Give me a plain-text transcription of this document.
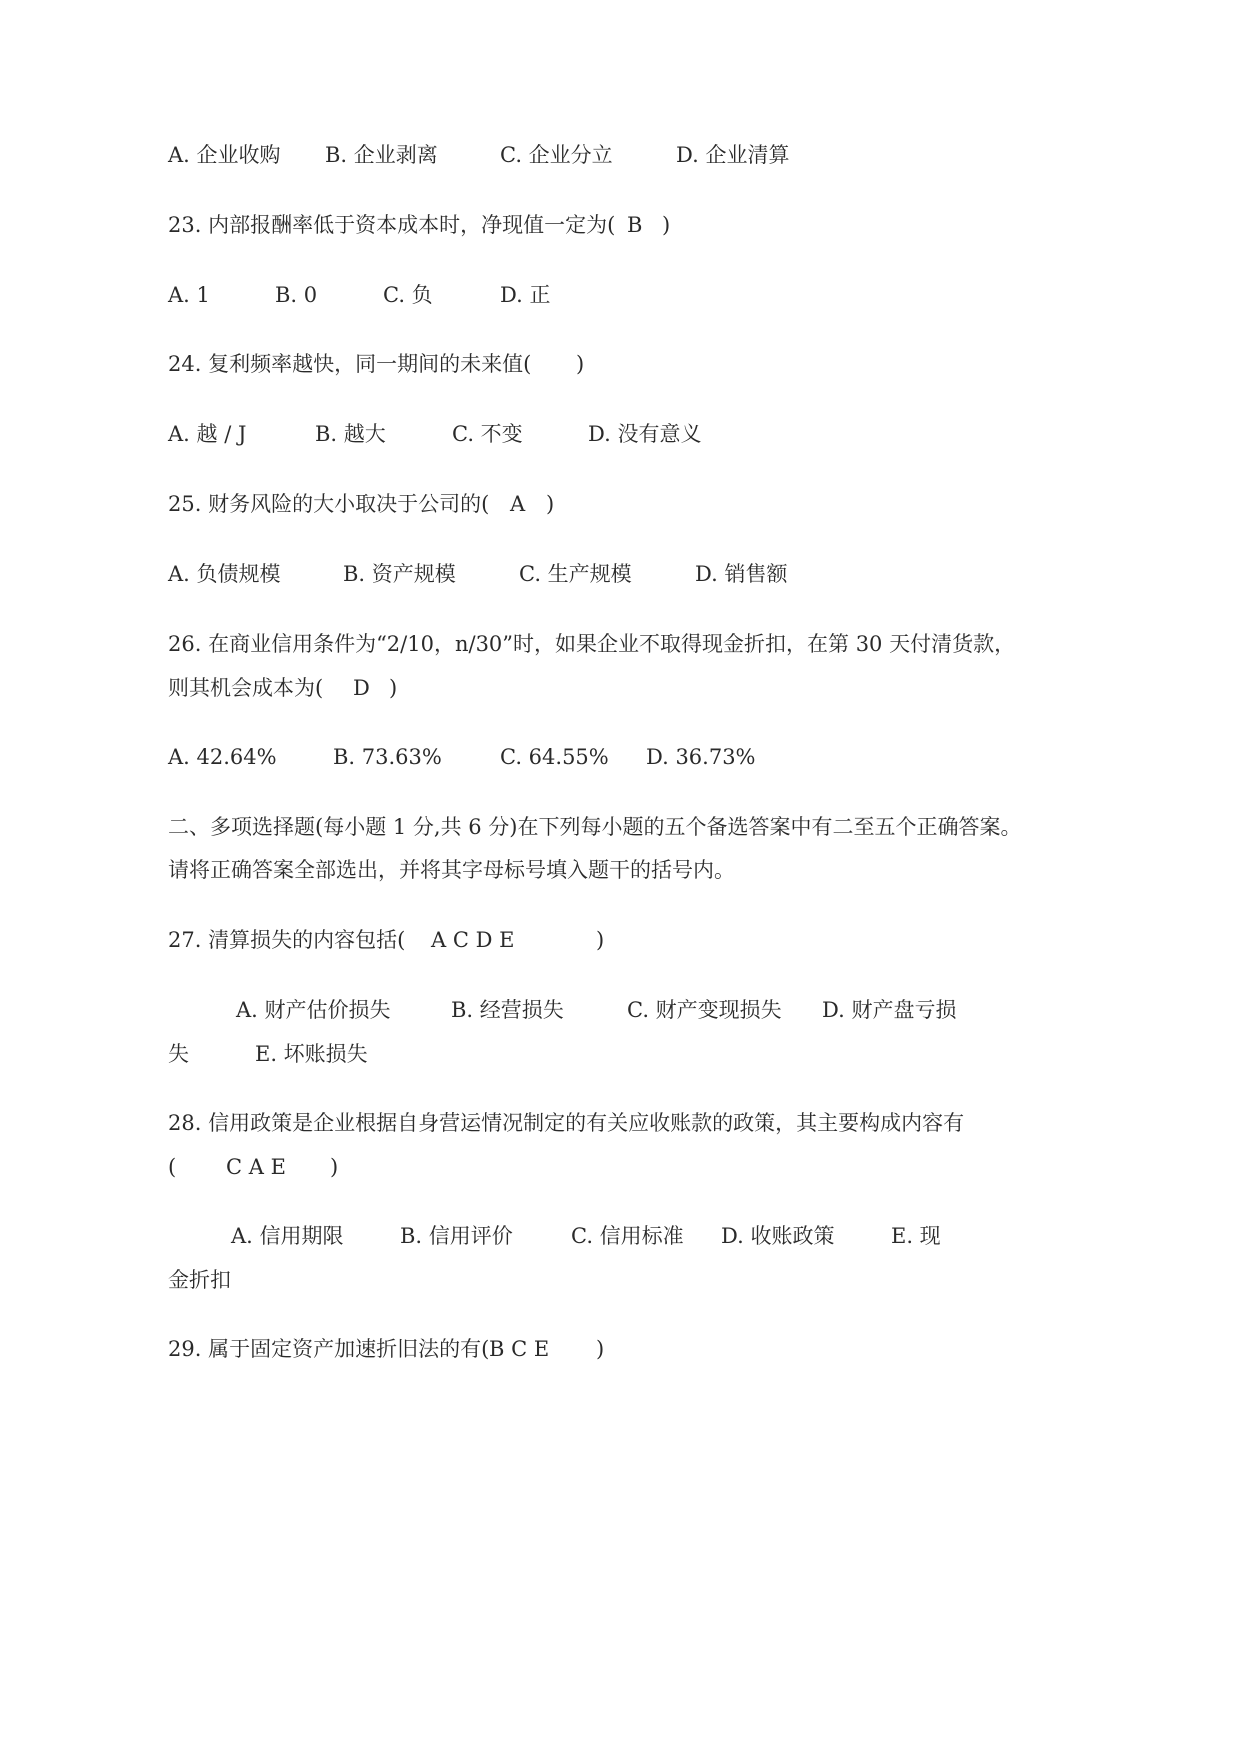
A. 企业收购 B. 企业剥离	C. 企业分立	D. 企业清算
23. 内部报酬率低于资本成本时，净现值一定为( B )
A. 1	B. 0	C. 负	D. 正
24. 复利频率越快，同一期间的未来值( )
A. 越 / J	B. 越大	C. 不变	D. 没有意义
25. 财务风险的大小取决于公司的( A )
A. 负债规模	B. 资产规模	C. 生产规模	D. 销售额
26. 在商业信用条件为“2/10，n/30”时，如果企业不取得现金折扣，在第 30 天付清货款，
则其机会成本为( D )
A. 42.64%	B. 73.63%	C. 64.55% D. 36.73%
二、多项选择题(每小题 1 分,共 6 分)在下列每小题的五个备选答案中有二至五个正确答案。
请将正确答案全部选出，并将其字母标号填入题干的括号内。
27. 清算损失的内容包括( A C D E	)
A. 财产估价损失	B. 经营损失	C. 财产变现损失 D. 财产盘亏损
失	E. 坏账损失
28. 信用政策是企业根据自身营运情况制定的有关应收账款的政策，其主要构成内容有
( C A E )
A. 信用期限	B. 信用评价	C. 信用标准 D. 收账政策	E. 现
金折扣
29. 属于固定资产加速折旧法的有( B C E )
